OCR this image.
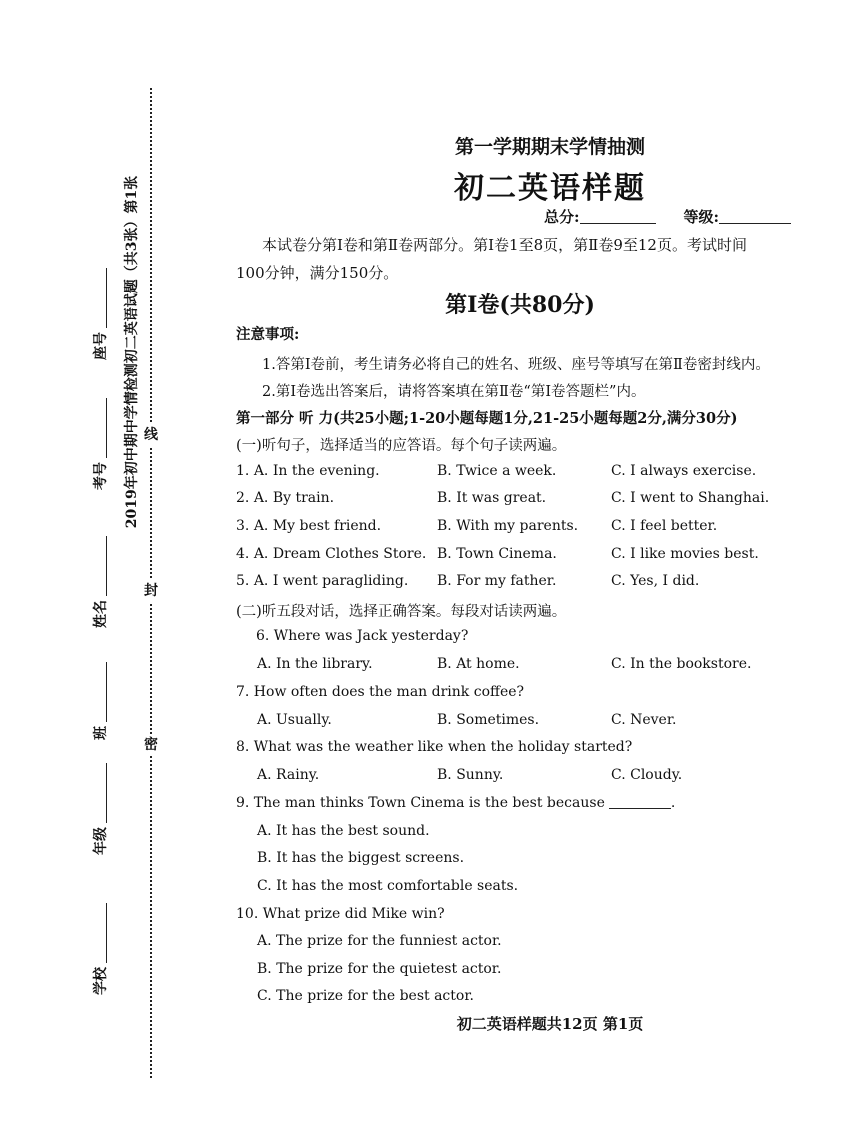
线
封
密
2019年初中期中学情检测初二英语试题（共3张）第1张
座号
考号
姓名
班
年级
学校
第一学期期末学情抽测
初二英语样题
总分:	等级:
本试卷分第Ⅰ卷和第Ⅱ卷两部分。第Ⅰ卷1至8页，第Ⅱ卷9至12页。考试时间
100分钟，满分150分。
第Ⅰ卷(共80分)
注意事项:
1.答第Ⅰ卷前，考生请务必将自己的姓名、班级、座号等填写在第Ⅱ卷密封线内。
2.第Ⅰ卷选出答案后，请将答案填在第Ⅱ卷“第Ⅰ卷答题栏”内。
第一部分 听 力(共25小题;1-20小题每题1分,21-25小题每题2分,满分30分)
(一)听句子，选择适当的应答语。每个句子读两遍。
1. A. In the evening.	B. Twice a week.	C. I always exercise.
2. A. By train.	B. It was great.	C. I went to Shanghai.
3. A. My best friend.	B. With my parents. C. I feel better.
4. A. Dream Clothes Store. B. Town Cinema.	C. I like movies best.
5. A. I went paragliding. B. For my father.	C. Yes, I did.
(二)听五段对话，选择正确答案。每段对话读两遍。
6. Where was Jack yesterday?
A. In the library.	B. At home.	C. In the bookstore.
7. How often does the man drink coffee?
A. Usually.	B. Sometimes.	C. Never.
8. What was the weather like when the holiday started?
A. Rainy.	B. Sunny.	C. Cloudy.
9. The man thinks Town Cinema is the best because	.
A. It has the best sound.
B. It has the biggest screens.
C. It has the most comfortable seats.
10. What prize did Mike win?
A. The prize for the funniest actor.
B. The prize for the quietest actor.
C. The prize for the best actor.
初二英语样题共12页 第1页
